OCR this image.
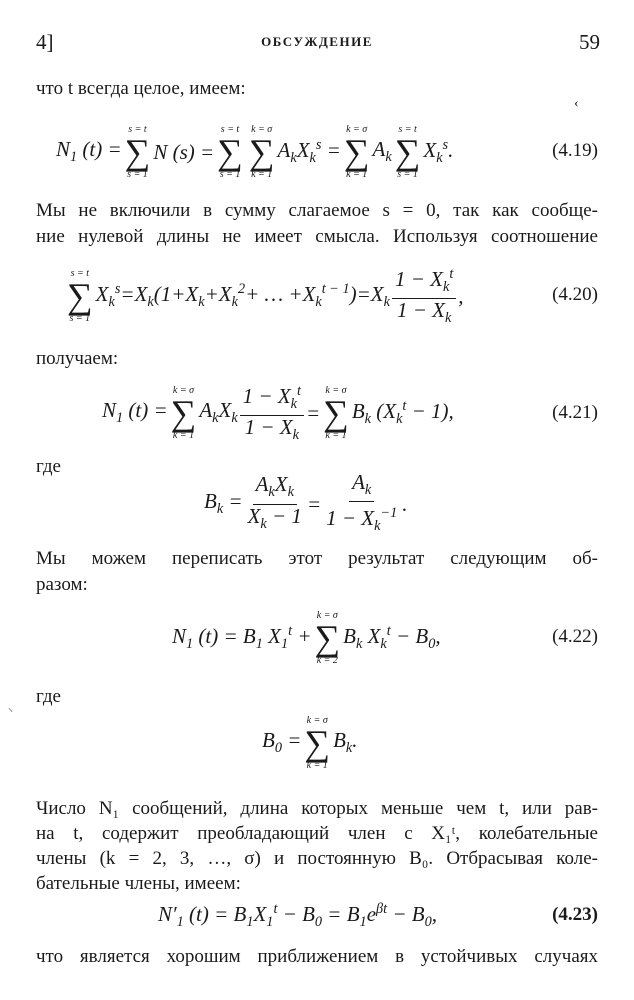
4]	ОБСУЖДЕНИЕ	59
что t всегда целое, имеем:
‹
$N_1$ (t) =
s = t
∑
s = 1
N (s) =
s = t
∑
s = 1
k = σ
∑
k = 1
$A_kX_k^s$ =
k = σ
∑
k = 1
$A_k$
s = t
∑
s = 1
$X_k^s$.	(4.19)
Мы не включили в сумму слагаемое s = 0, так как сообще-
ние нулевой длины не имеет смысла. Используя соотношение
s = t
∑
s = 1
$X_k^s=X_k(1+X_k+X_k^2+$ … $+X_k^{t - 1})=X_k \frac{1 - X_k^t}{1 - X_k}$ ,	(4.20)
получаем:
$N_1$ (t) =
k = σ
∑
k = 1
$A_kX_k \frac{1 - X_k^t}{1 - X_k}$ =
k = σ
∑
k = 1
$B_k$ $(X_k^t - 1)$,	(4.21)
где
$B_k = \frac{A_kX_k}{X_k - 1} = \frac{A_k}{1 - X_k^{-1}}$ .
Мы можем переписать этот результат следующим об-
разом:
$N_1$ $(t) = B_1$ $X_1^t$ +
k = σ
∑
k = 2
$B_k$ $X_k^t - B_0$,	(4.22)
⸜
где
$B_0$ =
k = σ
∑
k = 1
$B_k$.
Число N₁ сообщений, длина которых меньше чем t, или рав-
на t, содержит преобладающий член с X₁ᵗ, колебательные
члены (k = 2, 3, …, σ) и постоянную B₀. Отбрасывая коле-
бательные члены, имеем:
$N'_1$ $(t) = B_1X_1^t - B_0 = B_1e^{\beta t} - B_0$,	(4.23)
что является хорошим приближением в устойчивых случаях
